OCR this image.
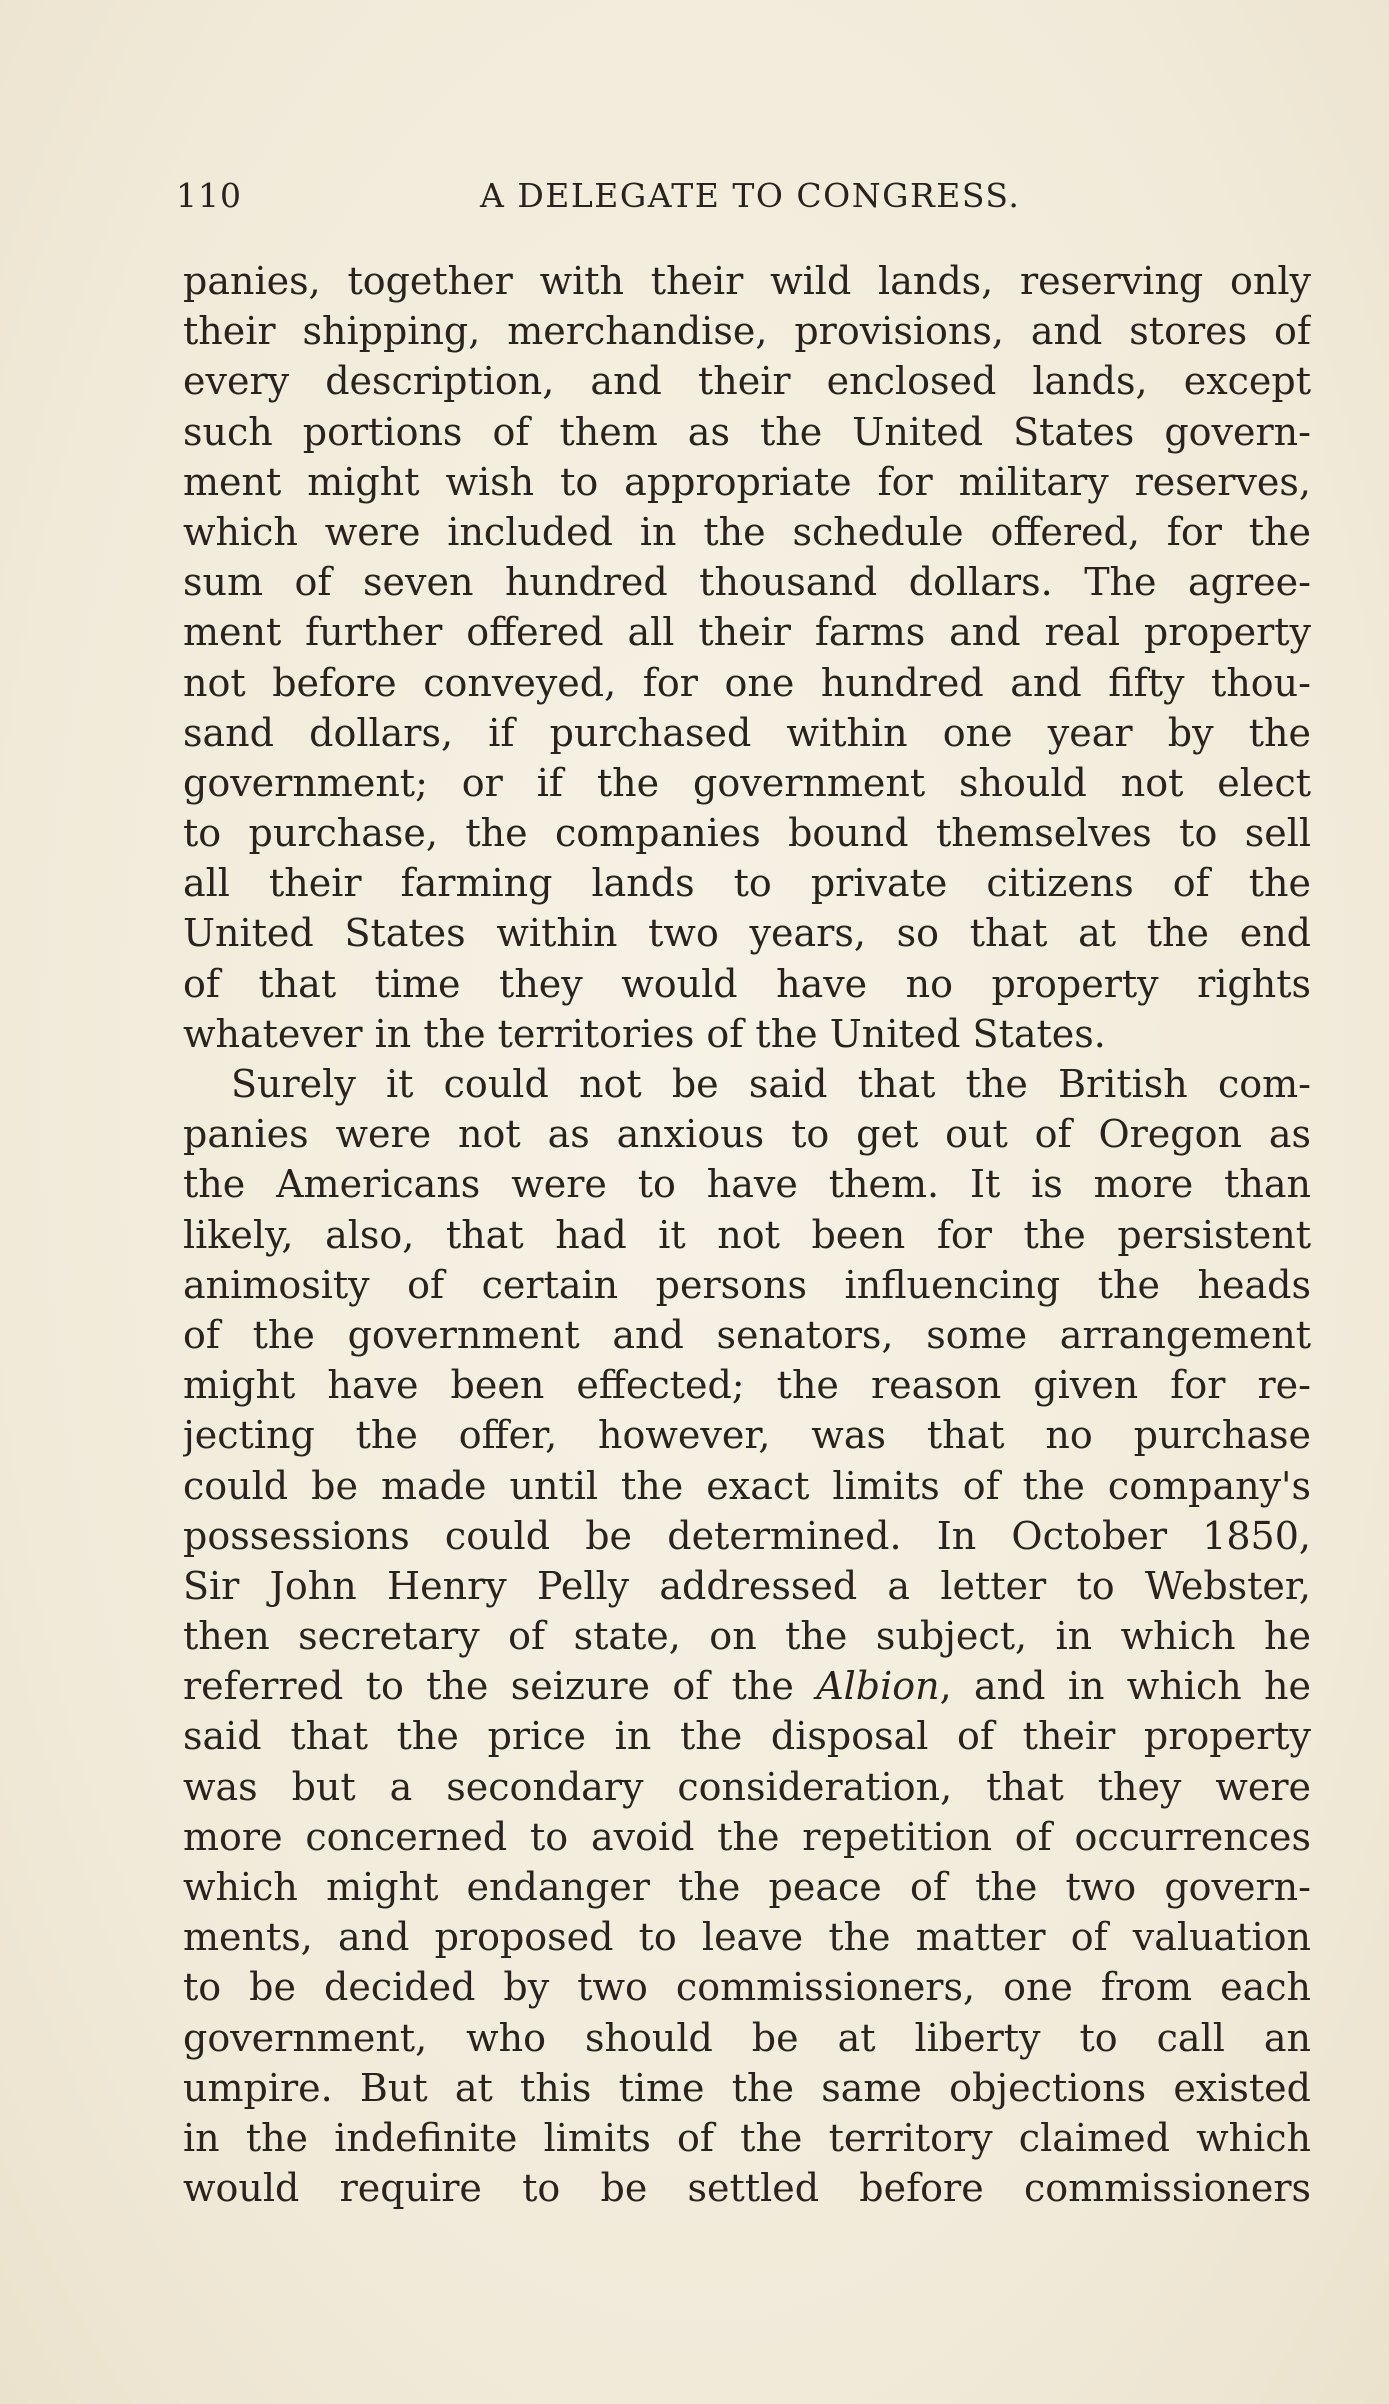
110	A DELEGATE TO CONGRESS.
panies, together with their wild lands, reserving only
their shipping, merchandise, provisions, and stores of
every description, and their enclosed lands, except
such portions of them as the United States govern-
ment might wish to appropriate for military reserves,
which were included in the schedule offered, for the
sum of seven hundred thousand dollars. The agree-
ment further offered all their farms and real property
not before conveyed, for one hundred and fifty thou-
sand dollars, if purchased within one year by the
government; or if the government should not elect
to purchase, the companies bound themselves to sell
all their farming lands to private citizens of the
United States within two years, so that at the end
of that time they would have no property rights
whatever in the territories of the United States.
Surely it could not be said that the British com-
panies were not as anxious to get out of Oregon as
the Americans were to have them. It is more than
likely, also, that had it not been for the persistent
animosity of certain persons influencing the heads
of the government and senators, some arrangement
might have been effected; the reason given for re-
jecting the offer, however, was that no purchase
could be made until the exact limits of the company's
possessions could be determined. In October 1850,
Sir John Henry Pelly addressed a letter to Webster,
then secretary of state, on the subject, in which he
referred to the seizure of the Albion, and in which he
said that the price in the disposal of their property
was but a secondary consideration, that they were
more concerned to avoid the repetition of occurrences
which might endanger the peace of the two govern-
ments, and proposed to leave the matter of valuation
to be decided by two commissioners, one from each
government, who should be at liberty to call an
umpire. But at this time the same objections existed
in the indefinite limits of the territory claimed which
would require to be settled before commissioners
